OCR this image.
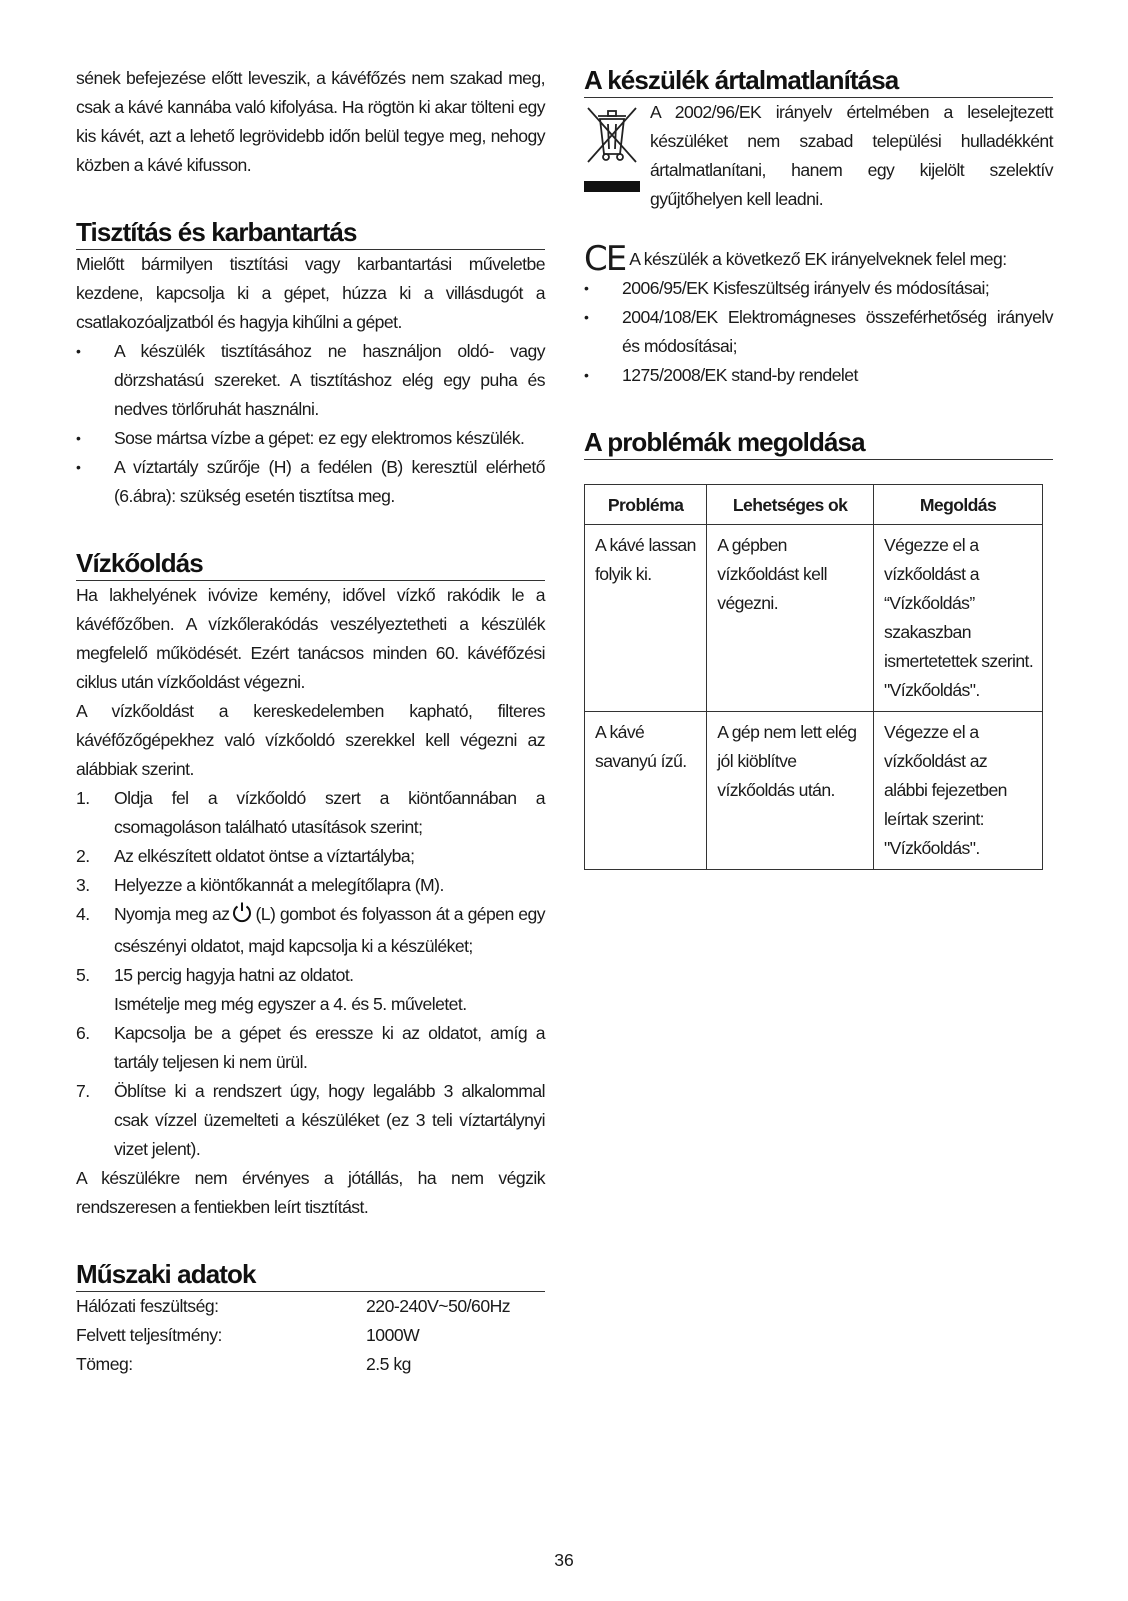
sének befejezése előtt leveszik, a kávéfőzés nem szakad meg, csak a kávé kannába való kifolyása. Ha rögtön ki akar tölteni egy kis kávét, azt a lehető legrövidebb időn belül tegye meg, nehogy közben a kávé kifusson.

Tisztítás és karbantartás

Mielőtt bármilyen tisztítási vagy karbantartási műveletbe kezdene, kapcsolja ki a gépet, húzza ki a villásdugót a csatlakozóaljzatból és hagyja kihűlni a gépet.

•	A készülék tisztításához ne használjon oldó- vagy dörzshatású szereket. A tisztításhoz elég egy puha és nedves törlőruhát használni.
•	Sose mártsa vízbe a gépet: ez egy elektromos készülék.
•	A víztartály szűrője (H) a fedélen (B) keresztül elérhető (6.ábra): szükség esetén tisztítsa meg.
Vízkőoldás

Ha lakhelyének ivóvize kemény, idővel vízkő rakódik le a kávéfőzőben. A vízkőlerakódás veszélyeztetheti a készülék megfelelő működését. Ezért tanácsos minden 60. kávéfőzési ciklus után vízkőoldást végezni.

A vízkőoldást a kereskedelemben kapható, filteres kávéfőzőgépekhez való vízkőoldó szerekkel kell végezni az alábbiak szerint.

1.	Oldja fel a vízkőoldó szert a kiöntőannában a csomagoláson található utasítások szerint;
2.	Az elkészített oldatot öntse a víztartályba;
3.	Helyezze a kiöntőkannát a melegítőlapra (M).
4.	Nyomja meg az (L) gombot és folyasson át a gépen egy csészényi oldatot, majd kapcsolja ki a készüléket;
5.	15 percig hagyja hatni az oldatot.
Ismételje meg még egyszer a 4. és 5. műveletet.
6.	Kapcsolja be a gépet és eressze ki az oldatot, amíg a tartály teljesen ki nem ürül.
7.	Öblítse ki a rendszert úgy, hogy legalább 3 alkalommal csak vízzel üzemelteti a készüléket (ez 3 teli víztartálynyi vizet jelent).

A készülékre nem érvényes a jótállás, ha nem végzik rendszeresen a fentiekben leírt tisztítást.

Műszaki adatok
Hálózati feszültség:	220-240V~50/60Hz
Felvett teljesítmény:	1000W
Tömeg:	2.5 kg
A készülék ártalmatlanítása

A 2002/96/EK irányelv értelmében a leselejtezett készüléket nem szabad települési hulladékként ártalmatlanítani, hanem egy kijelölt szelektív gyűjtőhelyen kell leadni.

CE A készülék a következő EK irányelveknek felel meg:
•	2006/95/EK Kisfeszültség irányelv és módosításai;
•	2004/108/EK Elektromágneses összeférhetőség irányelv és módosításai;
•	1275/2008/EK stand-by rendelet
A problémák megoldása
Probléma	Lehetséges ok	Megoldás
A kávé lassan folyik ki.	A gépben vízkőoldást kell végezni.	Végezze el a vízkőoldást a “Vízkőoldás” szakaszban ismertetettek szerint. "Vízkőoldás".
A kávé savanyú ízű.	A gép nem lett elég jól kiöblítve vízkőoldás után.	Végezze el a vízkőoldást az alábbi fejezetben leírtak szerint: "Vízkőoldás".
36
